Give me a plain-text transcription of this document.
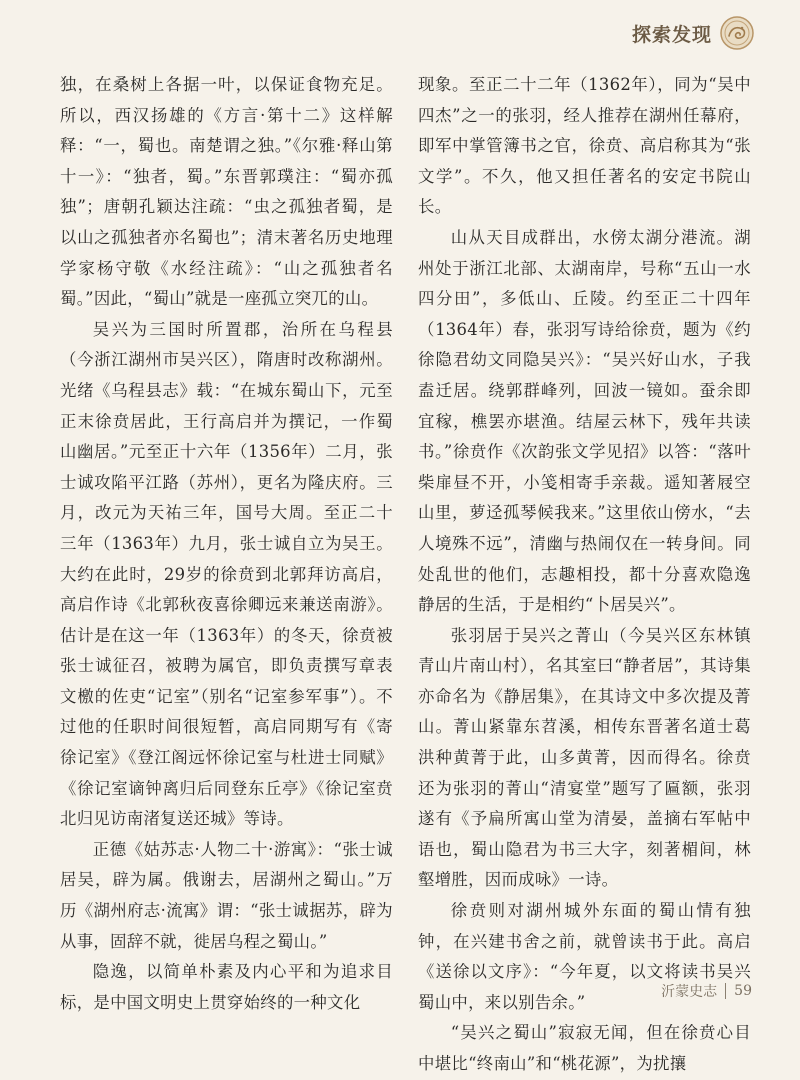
探索发现

独，在桑树上各据一叶，以保证食物充足。所以，西汉扬雄的《方言·第十二》这样解释：“一，蜀也。南楚谓之独。”《尔雅·释山第十一》：“独者，蜀。”东晋郭璞注：“蜀亦孤独”；唐朝孔颖达注疏：“虫之孤独者蜀，是以山之孤独者亦名蜀也”；清末著名历史地理学家杨守敬《水经注疏》：“山之孤独者名蜀。”因此，“蜀山”就是一座孤立突兀的山。

吴兴为三国时所置郡，治所在乌程县（今浙江湖州市吴兴区），隋唐时改称湖州。光绪《乌程县志》载：“在城东蜀山下，元至正末徐贲居此，王行高启并为撰记，一作蜀山幽居。”元至正十六年（1356年）二月，张士诚攻陷平江路（苏州），更名为隆庆府。三月，改元为天祐三年，国号大周。至正二十三年（1363年）九月，张士诚自立为吴王。大约在此时，29岁的徐贲到北郭拜访高启，高启作诗《北郭秋夜喜徐卿远来兼送南游》。估计是在这一年（1363年）的冬天，徐贲被张士诚征召，被聘为属官，即负责撰写章表文檄的佐吏“记室”（别名“记室参军事”）。不过他的任职时间很短暂，高启同期写有《寄徐记室》《登江阁远怀徐记室与杜进士同赋》《徐记室谪钟离归后同登东丘亭》《徐记室贲北归见访南渚复送还城》等诗。

正德《姑苏志·人物二十·游寓》：“张士诚居吴，辟为属。俄谢去，居湖州之蜀山。”万历《湖州府志·流寓》谓：“张士诚据苏，辟为从事，固辞不就，徙居乌程之蜀山。”

隐逸，以简单朴素及内心平和为追求目标，是中国文明史上贯穿始终的一种文化

现象。至正二十二年（1362年），同为“吴中四杰”之一的张羽，经人推荐在湖州任幕府，即军中掌管簿书之官，徐贲、高启称其为“张文学”。不久，他又担任著名的安定书院山长。

山从天目成群出，水傍太湖分港流。湖州处于浙江北部、太湖南岸，号称“五山一水四分田”，多低山、丘陵。约至正二十四年（1364年）春，张羽写诗给徐贲，题为《约徐隐君幼文同隐吴兴》：“吴兴好山水，子我盍迁居。绕郭群峰列，回波一镜如。蚕余即宜稼，樵罢亦堪渔。结屋云林下，残年共读书。”徐贲作《次韵张文学见招》以答：“落叶柴扉昼不开，小笺相寄手亲裁。遥知著屐空山里，萝迳孤琴候我来。”这里依山傍水，“去人境殊不远”，清幽与热闹仅在一转身间。同处乱世的他们，志趣相投，都十分喜欢隐逸静居的生活，于是相约“卜居吴兴”。

张羽居于吴兴之菁山（今吴兴区东林镇青山片南山村），名其室曰“静者居”，其诗集亦命名为《静居集》，在其诗文中多次提及菁山。菁山紧靠东苕溪，相传东晋著名道士葛洪种黄菁于此，山多黄菁，因而得名。徐贲还为张羽的菁山“清宴堂”题写了匾额，张羽遂有《予扁所寓山堂为清晏，盖摘右军帖中语也，蜀山隐君为书三大字，刻著楣间，林壑增胜，因而成咏》一诗。

徐贲则对湖州城外东面的蜀山情有独钟，在兴建书舍之前，就曾读书于此。高启《送徐以文序》：“今年夏，以文将读书吴兴蜀山中，来以别告余。”

“吴兴之蜀山”寂寂无闻，但在徐贲心目中堪比“终南山”和“桃花源”，为扰攘

沂蒙史志 59
